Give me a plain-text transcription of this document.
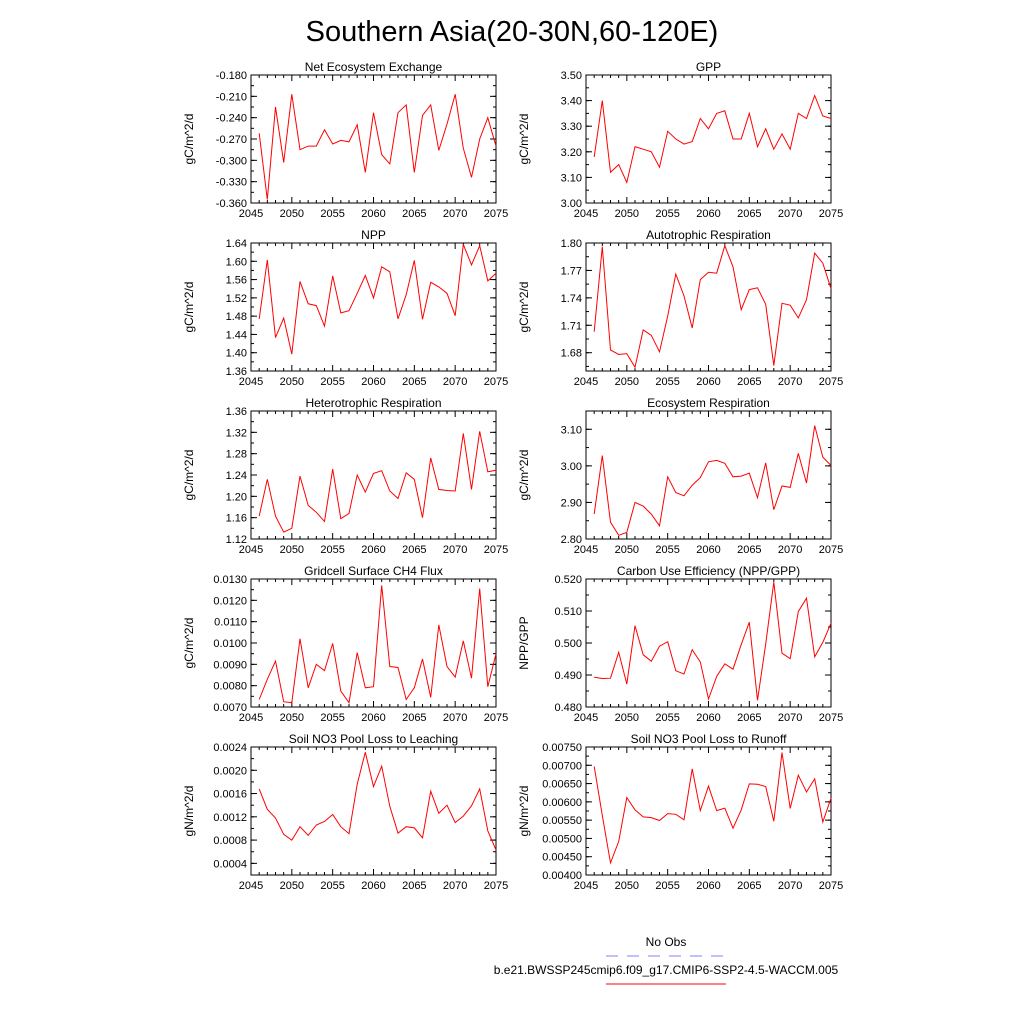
Southern Asia(20-30N,60-120E)
Net Ecosystem Exchange
2045 2050 2055 2060 2065 2070 2075
-0.360
-0.330
-0.300
-0.270
-0.240
-0.210
-0.180
gC/m^2/d
GPP
2045 2050 2055 2060 2065 2070 2075
3.00
3.10
3.20
3.30
3.40
3.50
gC/m^2/d
NPP
2045 2050 2055 2060 2065 2070 2075
1.36
1.40
1.44
1.48
1.52
1.56
1.60
1.64
gC/m^2/d
Autotrophic Respiration
2045 2050 2055 2060 2065 2070 2075
1.68
1.71
1.74
1.77
1.80
gC/m^2/d
Heterotrophic Respiration
2045 2050 2055 2060 2065 2070 2075
1.12
1.16
1.20
1.24
1.28
1.32
1.36
gC/m^2/d
Ecosystem Respiration
2045 2050 2055 2060 2065 2070 2075
2.80
2.90
3.00
3.10
gC/m^2/d
Gridcell Surface CH4 Flux
2045 2050 2055 2060 2065 2070 2075
0.0070
0.0080
0.0090
0.0100
0.0110
0.0120
0.0130
gC/m^2/d
Carbon Use Efficiency (NPP/GPP)
2045 2050 2055 2060 2065 2070 2075
0.480
0.490
0.500
0.510
0.520
NPP/GPP
Soil NO3 Pool Loss to Leaching
2045 2050 2055 2060 2065 2070 2075
0.0004
0.0008
0.0012
0.0016
0.0020
0.0024
gN/m^2/d
Soil NO3 Pool Loss to Runoff
2045 2050 2055 2060 2065 2070 2075
0.00400
0.00450
0.00500
0.00550
0.00600
0.00650
0.00700
0.00750
gN/m^2/d
No Obs
b.e21.BWSSP245cmip6.f09_g17.CMIP6-SSP2-4.5-WACCM.005
